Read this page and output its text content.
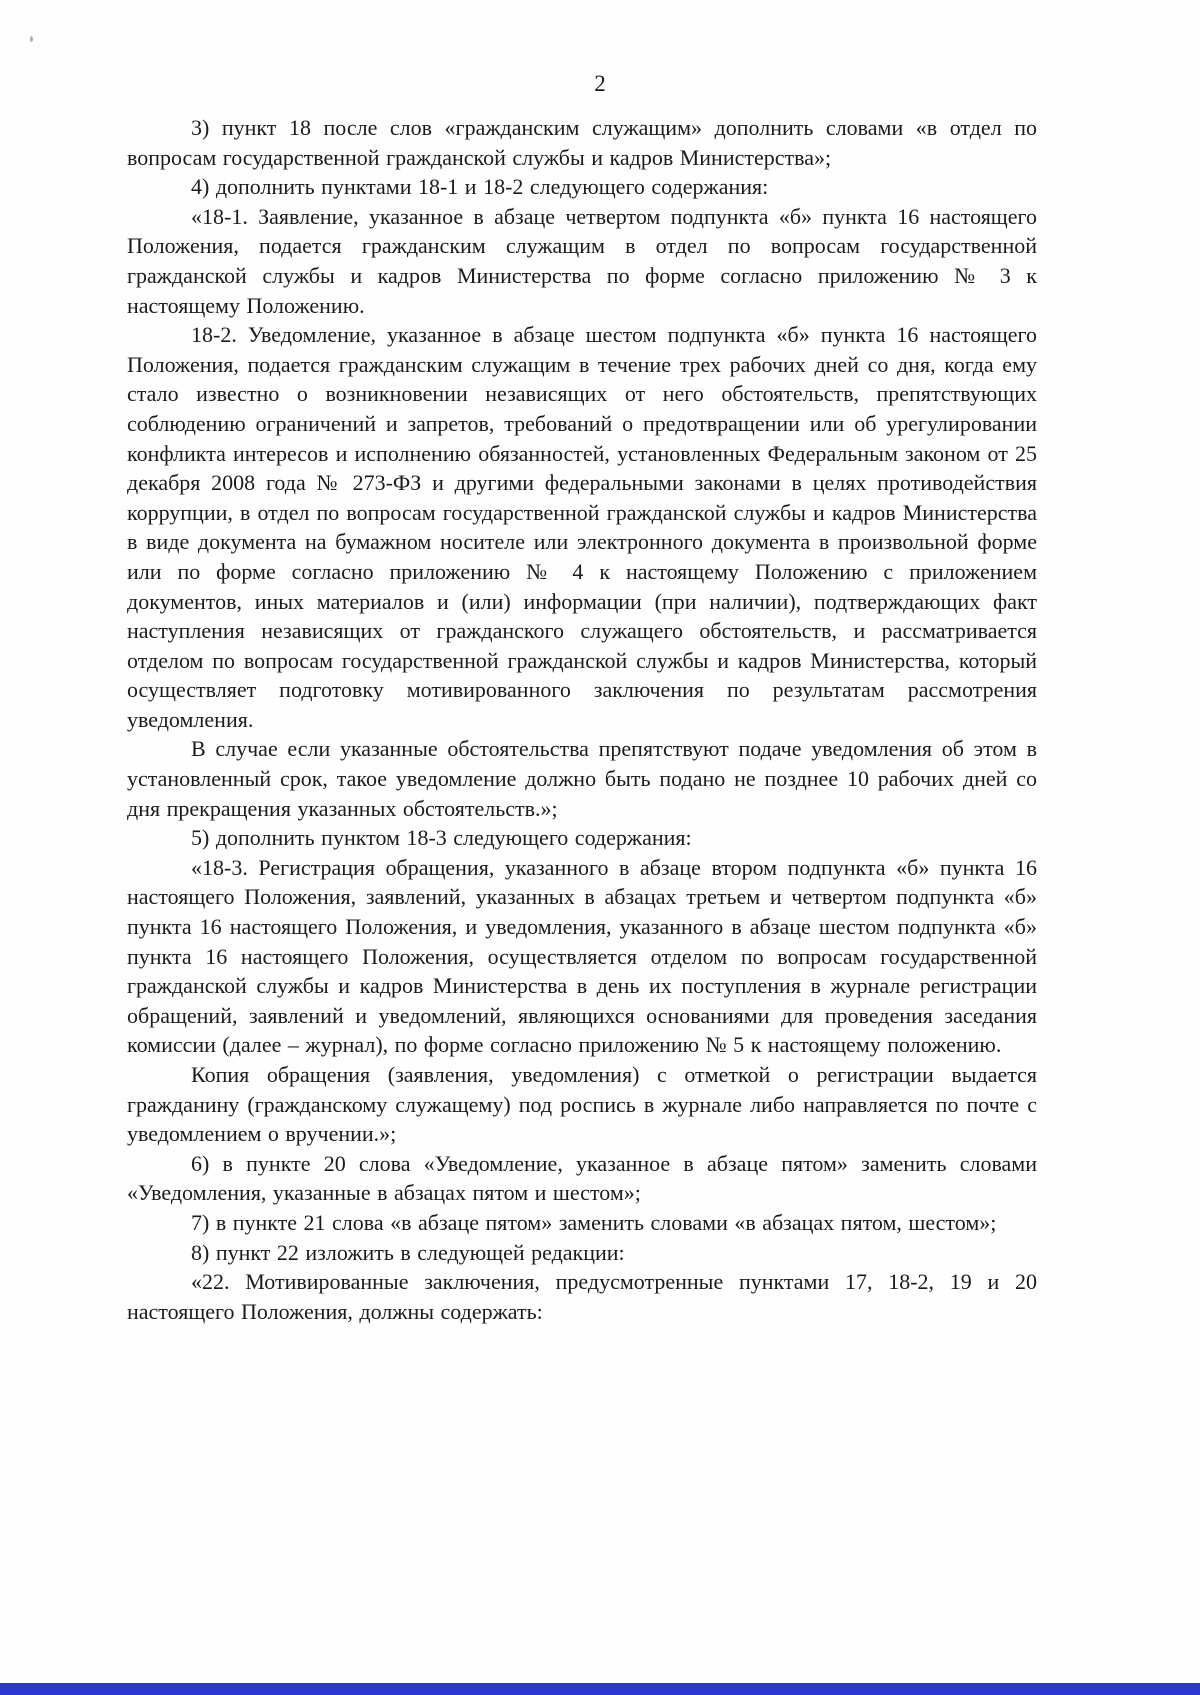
2

3) пункт 18 после слов «гражданским служащим» дополнить словами «в отдел по вопросам государственной гражданской службы и кадров Министерства»;

4) дополнить пунктами 18-1 и 18-2 следующего содержания:

«18-1. Заявление, указанное в абзаце четвертом подпункта «б» пункта 16 настоящего Положения, подается гражданским служащим в отдел по вопросам государственной гражданской службы и кадров Министерства по форме согласно приложению № 3 к настоящему Положению.

18-2. Уведомление, указанное в абзаце шестом подпункта «б» пункта 16 настоящего Положения, подается гражданским служащим в течение трех рабочих дней со дня, когда ему стало известно о возникновении независящих от него обстоятельств, препятствующих соблюдению ограничений и запретов, требований о предотвращении или об урегулировании конфликта интересов и исполнению обязанностей, установленных Федеральным законом от 25 декабря 2008 года № 273-ФЗ и другими федеральными законами в целях противодействия коррупции, в отдел по вопросам государственной гражданской службы и кадров Министерства в виде документа на бумажном носителе или электронного документа в произвольной форме или по форме согласно приложению № 4 к настоящему Положению с приложением документов, иных материалов и (или) информации (при наличии), подтверждающих факт наступления независящих от гражданского служащего обстоятельств, и рассматривается отделом по вопросам государственной гражданской службы и кадров Министерства, который осуществляет подготовку мотивированного заключения по результатам рассмотрения уведомления.

В случае если указанные обстоятельства препятствуют подаче уведомления об этом в установленный срок, такое уведомление должно быть подано не позднее 10 рабочих дней со дня прекращения указанных обстоятельств.»;

5) дополнить пунктом 18-3 следующего содержания:

«18-3. Регистрация обращения, указанного в абзаце втором подпункта «б» пункта 16 настоящего Положения, заявлений, указанных в абзацах третьем и четвертом подпункта «б» пункта 16 настоящего Положения, и уведомления, указанного в абзаце шестом подпункта «б» пункта 16 настоящего Положения, осуществляется отделом по вопросам государственной гражданской службы и кадров Министерства в день их поступления в журнале регистрации обращений, заявлений и уведомлений, являющихся основаниями для проведения заседания комиссии (далее – журнал), по форме согласно приложению № 5 к настоящему положению.

Копия обращения (заявления, уведомления) с отметкой о регистрации выдается гражданину (гражданскому служащему) под роспись в журнале либо направляется по почте с уведомлением о вручении.»;

6) в пункте 20 слова «Уведомление, указанное в абзаце пятом» заменить словами «Уведомления, указанные в абзацах пятом и шестом»;

7) в пункте 21 слова «в абзаце пятом» заменить словами «в абзацах пятом, шестом»;

8) пункт 22 изложить в следующей редакции:

«22. Мотивированные заключения, предусмотренные пунктами 17, 18-2, 19 и 20 настоящего Положения, должны содержать:
